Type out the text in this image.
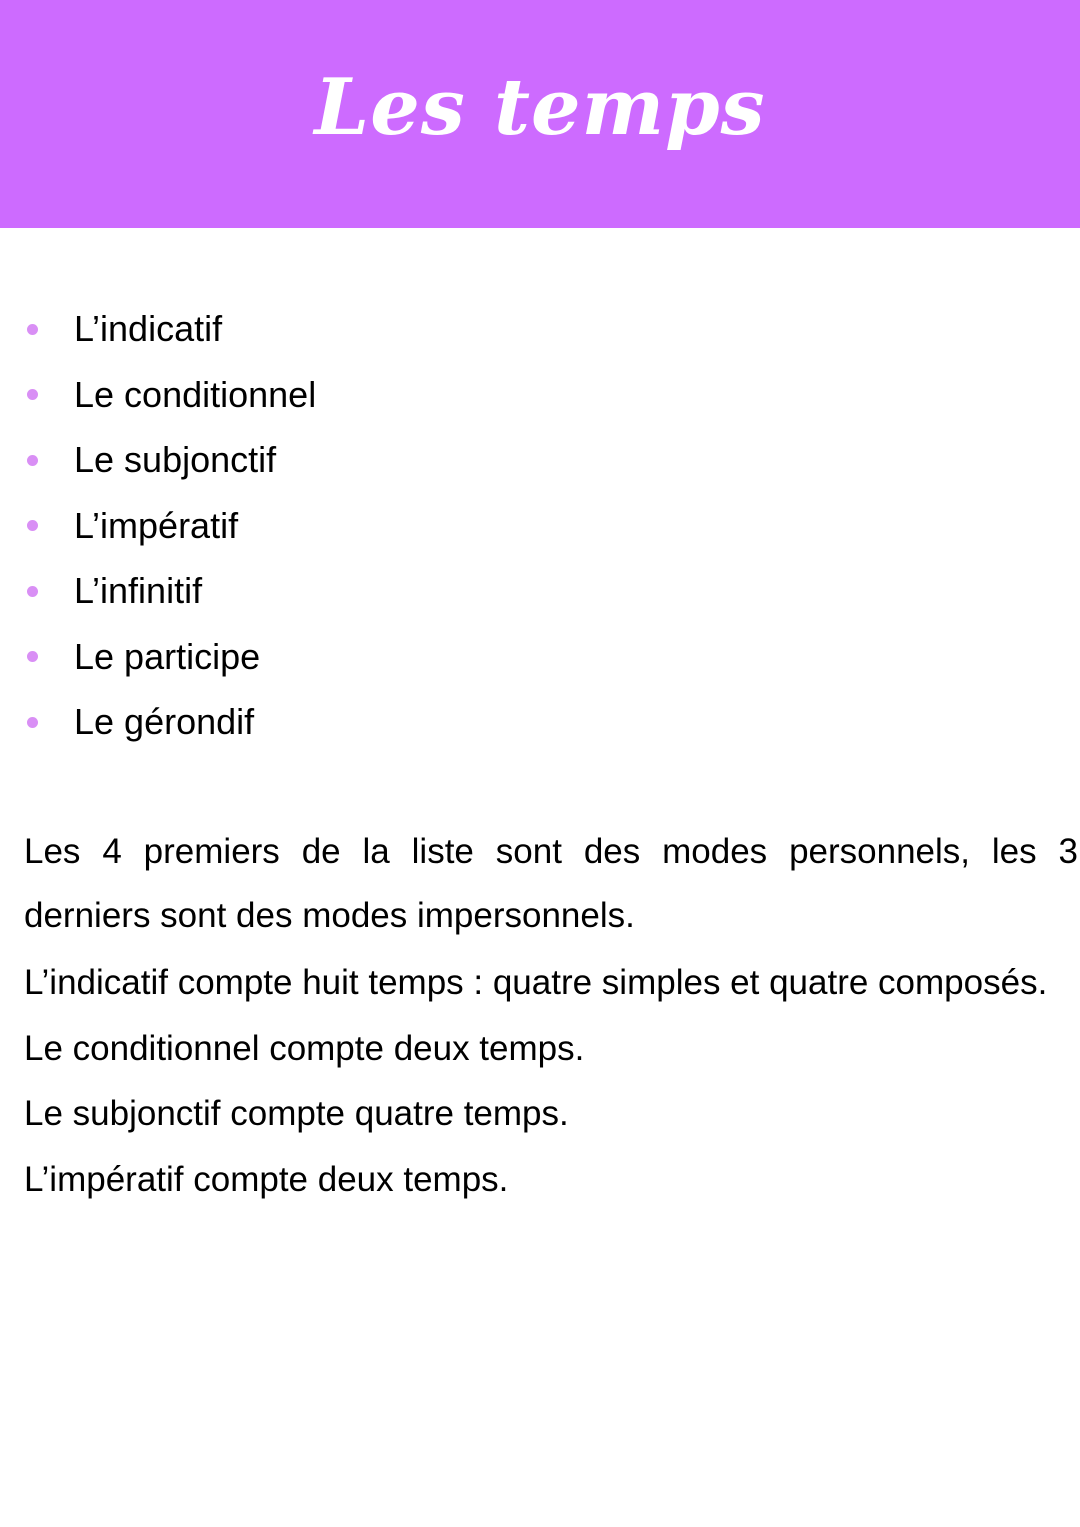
Les temps
L’indicatif
Le conditionnel
Le subjonctif
L’impératif
L’infinitif
Le participe
Le gérondif

Les 4 premiers de la liste sont des modes personnels, les 3 derniers sont des modes impersonnels.

L’indicatif compte huit temps : quatre simples et quatre composés.

Le conditionnel compte deux temps.

Le subjonctif compte quatre temps.

L’impératif compte deux temps.
